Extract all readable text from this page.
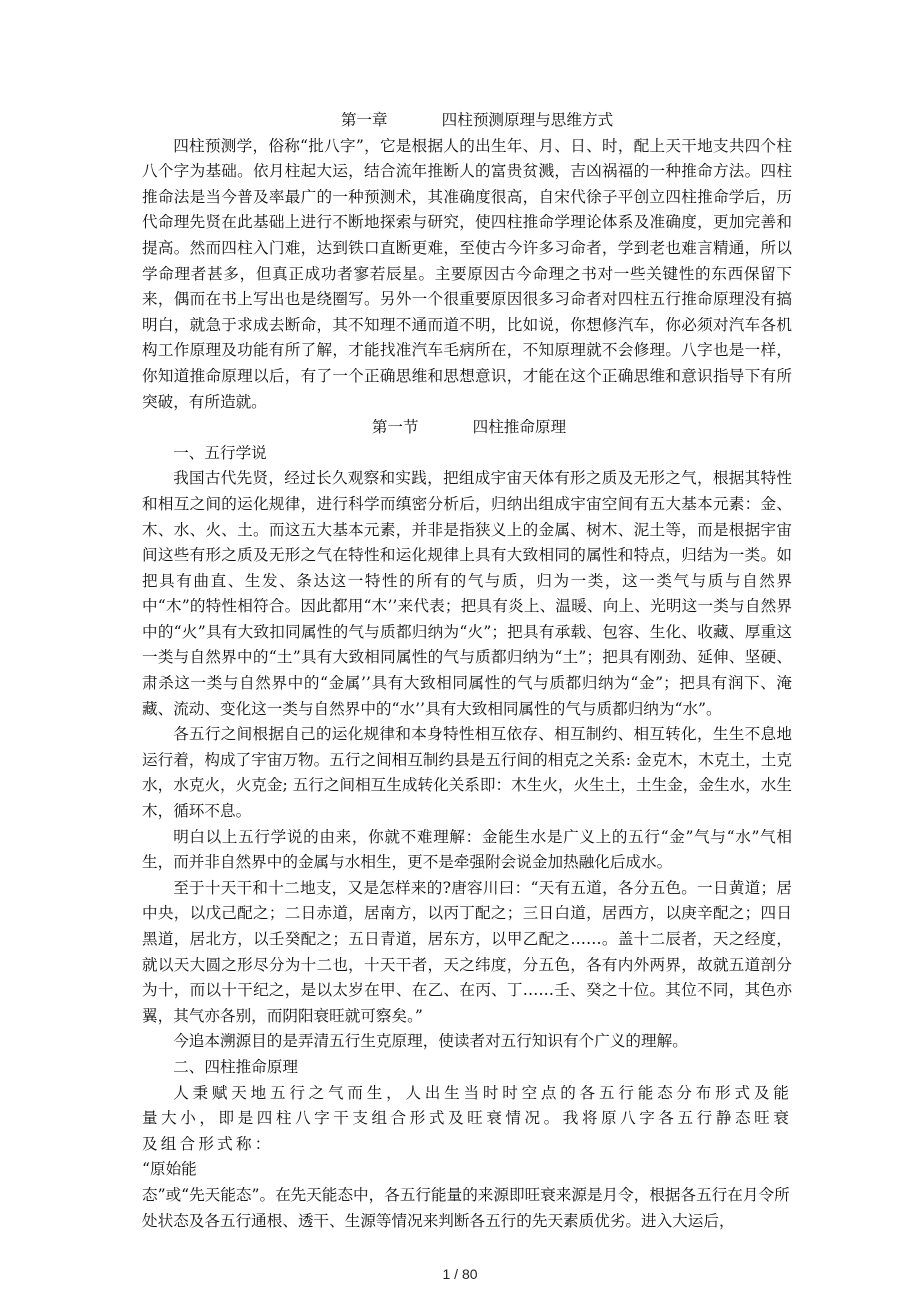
第一章	四柱预测原理与思维方式

四柱预测学，俗称“批八字”，它是根据人的出生年、月、日、时，配上天干地支共四个柱八个字为基础。依月柱起大运，结合流年推断人的富贵贫溅，吉凶祸福的一种推命方法。四柱推命法是当今普及率最广的一种预测术，其准确度很高，自宋代徐子平创立四柱推命学后，历代命理先贤在此基础上进行不断地探索与研究，使四柱推命学理论体系及准确度，更加完善和提高。然而四柱入门难，达到铁口直断更难，至使古今许多习命者，学到老也难言精通，所以学命理者甚多，但真正成功者寥若辰星。主要原因古今命理之书对一些关键性的东西保留下来，偶而在书上写出也是绕圈写。另外一个很重要原因很多习命者对四柱五行推命原理没有搞明白，就急于求成去断命，其不知理不通而道不明，比如说，你想修汽车，你必须对汽车各机构工作原理及功能有所了解，才能找准汽车毛病所在，不知原理就不会修理。八字也是一样，你知道推命原理以后，有了一个正确思维和思想意识，才能在这个正确思维和意识指导下有所突破，有所造就。

第一节	四柱推命原理

一、五行学说

我国古代先贤，经过长久观察和实践，把组成宇宙天体有形之质及无形之气，根据其特性和相互之间的运化规律，进行科学而缜密分析后，归纳出组成宇宙空间有五大基本元素：金、木、水、火、土。而这五大基本元素，并非是指狭义上的金属、树木、泥土等，而是根据宇宙间这些有形之质及无形之气在特性和运化规律上具有大致相同的属性和特点，归结为一类。如把具有曲直、生发、条达这一特性的所有的气与质，归为一类，这一类气与质与自然界中“木”的特性相符合。因此都用“木’’来代表；把具有炎上、温暖、向上、光明这一类与自然界中的“火”具有大致扣同属性的气与质都归纳为“火”；把具有承载、包容、生化、收藏、厚重这一类与自然界中的“土”具有大致相同属性的气与质都归纳为“土”；把具有刚劲、延伸、坚硬、肃杀这一类与自然界中的“金属’’具有大致相同属性的气与质都归纳为“金”；把具有润下、淹藏、流动、变化这一类与自然界中的“水’’具有大致相同属性的气与质都归纳为“水”。

各五行之间根据自己的运化规律和本身特性相互依存、相互制约、相互转化，生生不息地运行着，构成了宇宙万物。五行之间相互制约县是五行间的相克之关系: 金克木，木克土，土克水，水克火，火克金; 五行之间相互生成转化关系即：木生火，火生土，土生金，金生水，水生木，循环不息。

明白以上五行学说的由来，你就不难理解：金能生水是广义上的五行“金”气与“水”气相生，而并非自然界中的金属与水相生，更不是牵强附会说金加热融化后成水。

至于十天干和十二地支，又是怎样来的?唐容川曰：“天有五道，各分五色。一日黄道；居中央，以戊己配之；二日赤道，居南方，以丙丁配之；三日白道，居西方，以庚辛配之；四日黑道，居北方，以壬癸配之；五日青道，居东方，以甲乙配之……。盖十二辰者，天之经度，就以天大圆之形尽分为十二也，十天干者，天之纬度，分五色，各有内外两界，故就五道剖分为十，而以十干纪之，是以太岁在甲、在乙、在丙、丁……壬、癸之十位。其位不同，其色亦翼，其气亦各别，而阴阳衰旺就可察矣。”

今追本溯源目的是弄清五行生克原理，使读者对五行知识有个广义的理解。

二、四柱推命原理

人秉赋天地五行之气而生，人出生当时时空点的各五行能态分布形式及能量大小，即是四柱八字干支组合形式及旺衰情况。我将原八字各五行静态旺衰及组合形式称：

“原始能

态”或“先天能态”。在先天能态中，各五行能量的来源即旺衰来源是月令，根据各五行在月令所处状态及各五行通根、透干、生源等情况来判断各五行的先天素质优劣。进入大运后，

1 / 80
